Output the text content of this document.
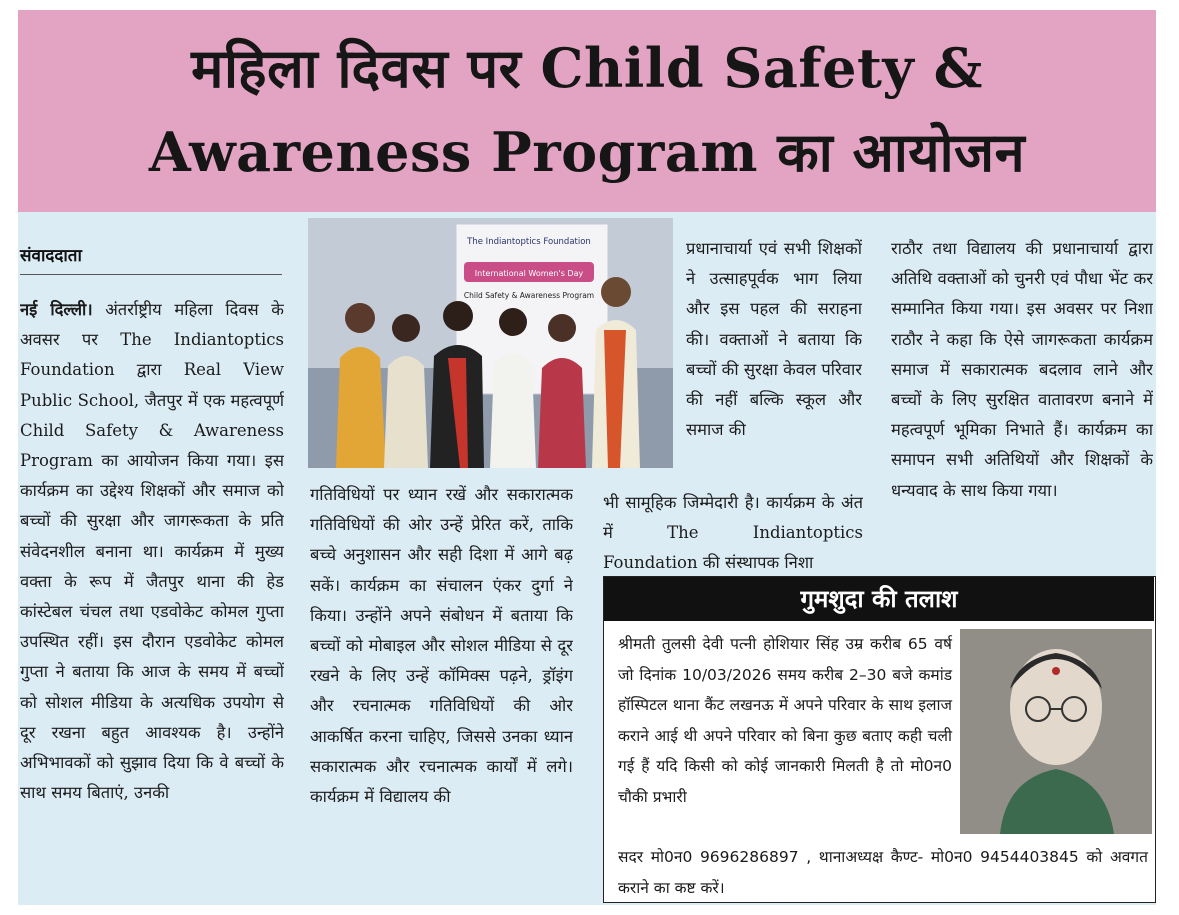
महिला दिवस पर Child Safety &
Awareness Program का आयोजन
संवाददाता
नई दिल्ली। अंतर्राष्ट्रीय महिला दिवस के अवसर पर The Indiantoptics Foundation द्वारा Real View Public School, जैतपुर में एक महत्वपूर्ण Child Safety & Awareness Program का आयोजन किया गया। इस कार्यक्रम का उद्देश्य शिक्षकों और समाज को बच्चों की सुरक्षा और जागरूकता के प्रति संवेदनशील बनाना था। कार्यक्रम में मुख्य वक्ता के रूप में जैतपुर थाना की हेड कांस्टेबल चंचल तथा एडवोकेट कोमल गुप्ता उपस्थित रहीं। इस दौरान एडवोकेट कोमल गुप्ता ने बताया कि आज के समय में बच्चों को सोशल मीडिया के अत्यधिक उपयोग से दूर रखना बहुत आवश्यक है। उन्होंने अभिभावकों को सुझाव दिया कि वे बच्चों के साथ समय बिताएं, उनकी
The Indiantoptics Foundation
International Women's Day
Child Safety & Awareness Program
गतिविधियों पर ध्यान रखें और सकारात्मक गतिविधियों की ओर उन्हें प्रेरित करें, ताकि बच्चे अनुशासन और सही दिशा में आगे बढ़ सकें। कार्यक्रम का संचालन एंकर दुर्गा ने किया। उन्होंने अपने संबोधन में बताया कि बच्चों को मोबाइल और सोशल मीडिया से दूर रखने के लिए उन्हें कॉमिक्स पढ़ने, ड्रॉइंग और रचनात्मक गतिविधियों की ओर आकर्षित करना चाहिए, जिससे उनका ध्यान सकारात्मक और रचनात्मक कार्यों में लगे। कार्यक्रम में विद्यालय की
प्रधानाचार्या एवं सभी शिक्षकों ने उत्साहपूर्वक भाग लिया और इस पहल की सराहना की। वक्ताओं ने बताया कि बच्चों की सुरक्षा केवल परिवार की नहीं बल्कि स्कूल और समाज की
भी सामूहिक जिम्मेदारी है। कार्यक्रम के अंत में The Indiantoptics Foundation की संस्थापक निशा
राठौर तथा विद्यालय की प्रधानाचार्या द्वारा अतिथि वक्ताओं को चुनरी एवं पौधा भेंट कर सम्मानित किया गया। इस अवसर पर निशा राठौर ने कहा कि ऐसे जागरूकता कार्यक्रम समाज में सकारात्मक बदलाव लाने और बच्चों के लिए सुरक्षित वातावरण बनाने में महत्वपूर्ण भूमिका निभाते हैं। कार्यक्रम का समापन सभी अतिथियों और शिक्षकों के धन्यवाद के साथ किया गया।
गुमशुदा की तलाश
श्रीमती तुलसी देवी पत्नी होशियार सिंह उम्र करीब 65 वर्ष जो दिनांक 10/03/2026 समय करीब 2–30 बजे कमांड हॉस्पिटल थाना कैंट लखनऊ में अपने परिवार के साथ इलाज कराने आई थी अपने परिवार को बिना कुछ बताए कही चली गई हैं यदि किसी को कोई जानकारी मिलती है तो मो0न0 चौकी प्रभारी
सदर मो0न0 9696286897 , थानाअध्यक्ष कैण्ट- मो0न0 9454403845 को अवगत कराने का कष्ट करें।
